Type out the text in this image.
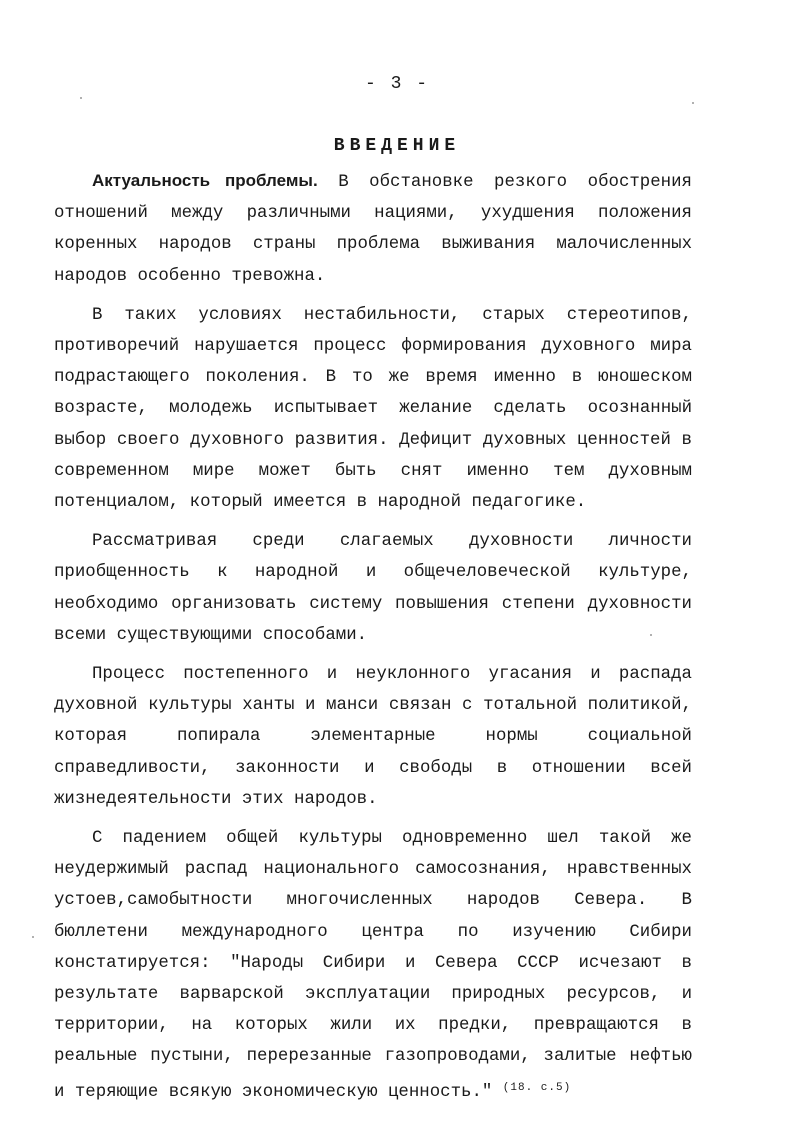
- 3 -
ВВЕДЕНИЕ

Актуальность проблемы. В обстановке резкого обострения отношений между различными нациями, ухудшения положения коренных народов страны проблема выживания малочисленных народов особенно тревожна.

В таких условиях нестабильности, старых стереотипов, противоречий нарушается процесс формирования духовного мира подрастающего поколения. В то же время именно в юношеском возрасте, молодежь испытывает желание сделать осознанный выбор своего духовного развития. Дефицит духовных ценностей в современном мире может быть снят именно тем духовным потенциалом, который имеется в народной педагогике.

Рассматривая среди слагаемых духовности личности приобщенность к народной и общечеловеческой культуре, необходимо организовать систему повышения степени духовности всеми существующими способами.

Процесс постепенного и неуклонного угасания и распада духовной культуры ханты и манси связан с тотальной политикой, которая попирала элементарные нормы социальной справедливости, законности и свободы в отношении всей жизнедеятельности этих народов.

С падением общей культуры одновременно шел такой же неудержимый распад национального самосознания, нравственных устоев,самобытности многочисленных народов Севера. В бюллетени международного центра по изучению Сибири констатируется: "Народы Сибири и Севера СССР исчезают в результате варварской эксплуатации природных ресурсов, и территории, на которых жили их предки, превращаются в реальные пустыни, перерезанные газопроводами, залитые нефтью и теряющие всякую экономическую ценность." $^{(18. с.5)}$
